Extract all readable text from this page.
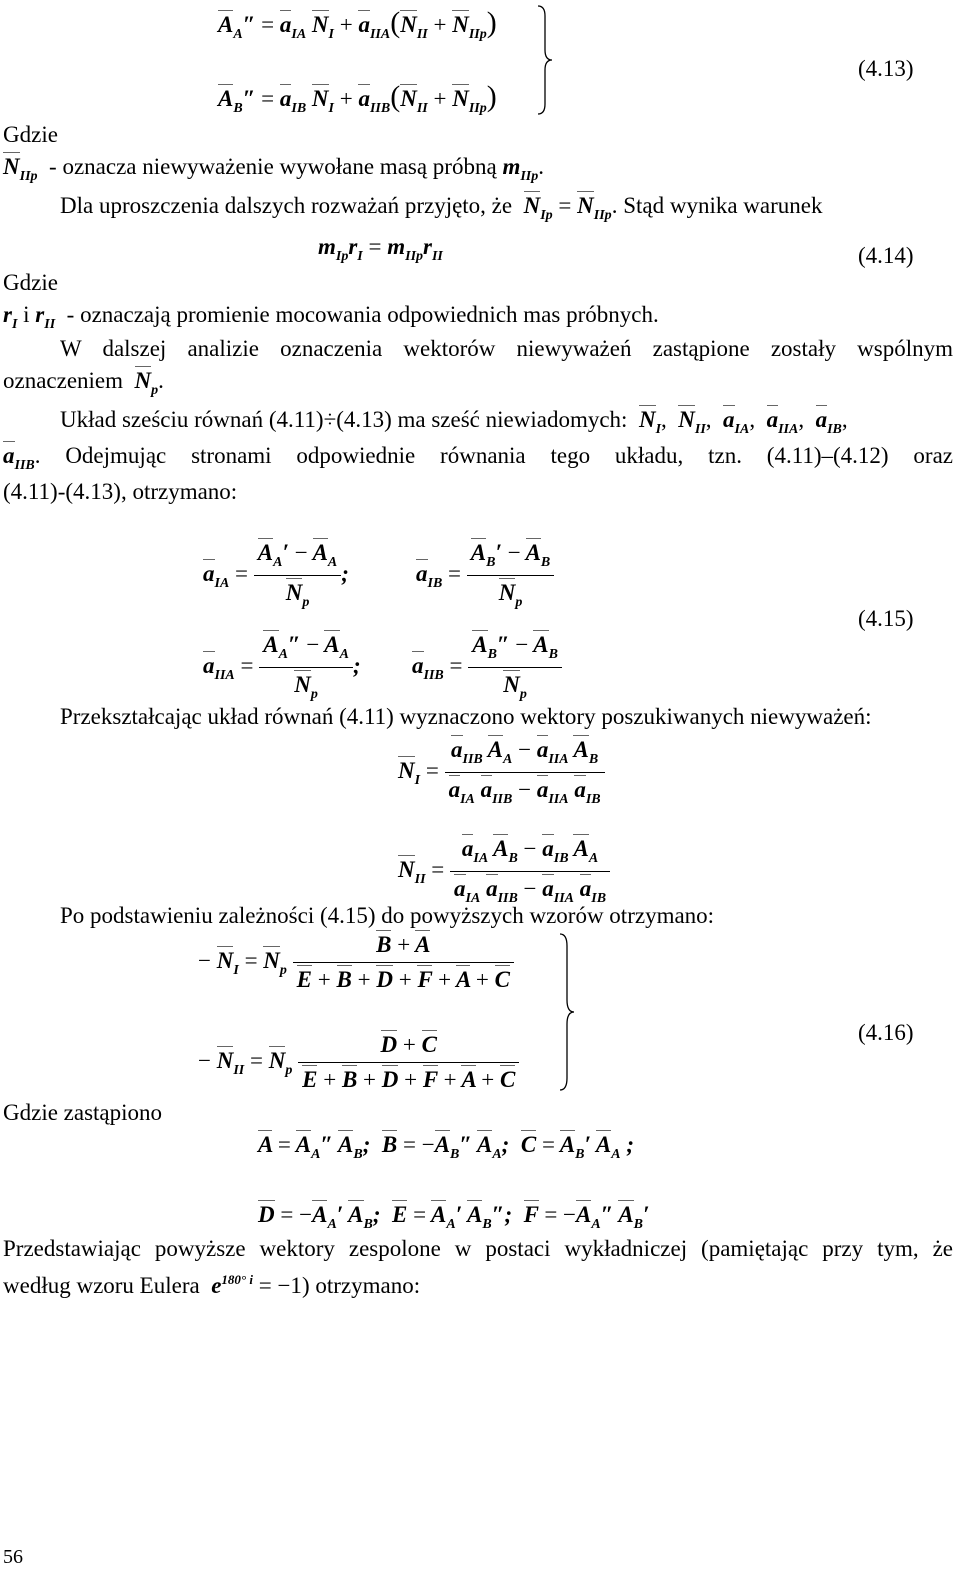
$A_A'' = a_{IA}$ $N_I + a_{IIA}(N_{II} + N_{IIp})$
$A_B'' = a_{IB}$ $N_I + a_{IIB}(N_{II} + N_{IIp})$
(4.13)
Gdzie
$N_{IIp}$ - oznacza niewyważenie wywołane masą próbną $m_{IIp}$.
Dla uproszczenia dalszych rozważań przyjęto, że $N_{Ip} = N_{IIp}$. Stąd wynika warunek
$m_{Ip}r_I = m_{IIp}r_{II}$	(4.14)
Gdzie
$r_I$ i $r_{II}$ - oznaczają promienie mocowania odpowiednich mas próbnych.
W dalszej analizie oznaczenia wektorów niewyważeń zastąpione zostały wspólnym
oznaczeniem $N_p$.
Układ sześciu równań (4.11)÷(4.13) ma sześć niewiadomych: $N_I$,  $N_{II}$,  $a_{IA}$,  $a_{IIA}$,  $a_{IB}$,
$a_{IIB}$. Odejmując stronami odpowiednie równania tego układu, tzn. (4.11)–(4.12) oraz
(4.11)-(4.13), otrzymano:
$a_{IA} = \frac{A_A' - A_A}{N_p}$ ;	$a_{IB} = \frac{A_B' - A_B}{N_p}$
$a_{IIA} = \frac{A_A'' - A_A}{N_p}$ ; $a_{IIB} = \frac{A_B'' - A_B}{N_p}$
(4.15)
Przekształcając układ równań (4.11) wyznaczono wektory poszukiwanych niewyważeń:
$N_I = \frac{a_{IIB} A_A - a_{IIA} A_B}{a_{IA} a_{IIB} - a_{IIA} a_{IB}}$
$N_{II} = \frac{a_{IA} A_B - a_{IB} A_A}{a_{IA} a_{IIB} - a_{IIA} a_{IB}}$
Po podstawieniu zależności (4.15) do powyższych wzorów otrzymano:
− $N_I = N_p \frac{B + A}{E + B + D + F + A + C}$
− $N_{II} = N_p \frac{D + C}{E + B + D + F + A + C}$	(4.16)
Gdzie zastąpiono
$A = A_A''$ $A_B$;  $B = -A_B''$ $A_A$;  $C = A_B'$ $A_A$ ;
$D = -A_A'$ $A_B$;  $E = A_A'$ $A_B''$;  $F = -A_A''$ $A_B'$
Przedstawiając powyższe wektory zespolone w postaci wykładniczej (pamiętając przy tym, że
według wzoru Eulera  $e^{180^\circ i} = -1$) otrzymano:
56
